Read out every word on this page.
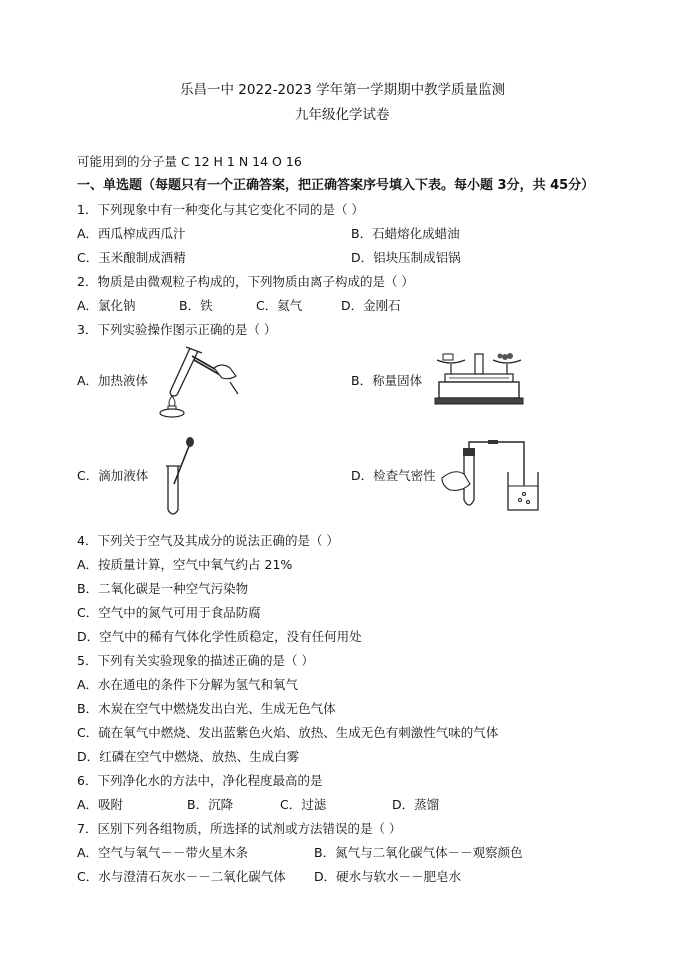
乐昌一中 2022-2023 学年第一学期期中教学质量监测
九年级化学试卷
可能用到的分子量 C 12 H 1 N 14 O 16
一、单选题（每题只有一个正确答案，把正确答案序号填入下表。每小题 3分，共 45分）
1．下列现象中有一种变化与其它变化不同的是（ ）
A．西瓜榨成西瓜汁	B．石蜡熔化成蜡油
C．玉米酿制成酒精	D．铝块压制成铝锅
2．物质是由微观粒子构成的，下列物质由离子构成的是（ ）
A．氯化钠	B．铁	C．氦气	D．金刚石
3．下列实验操作图示正确的是（ ）
A．加热液体	B．称量固体
C．滴加液体	D．检查气密性
4．下列关于空气及其成分的说法正确的是（ ）
A．按质量计算，空气中氧气约占 21%
B．二氧化碳是一种空气污染物
C．空气中的氮气可用于食品防腐
D．空气中的稀有气体化学性质稳定，没有任何用处
5．下列有关实验现象的描述正确的是（ ）
A．水在通电的条件下分解为氢气和氧气
B．木炭在空气中燃烧发出白光、生成无色气体
C．硫在氧气中燃烧、发出蓝紫色火焰、放热、生成无色有刺激性气味的气体
D．红磷在空气中燃烧、放热、生成白雾
6．下列净化水的方法中，净化程度最高的是
A．吸附	B．沉降	C．过滤	D．蒸馏
7．区别下列各组物质，所选择的试剂或方法错误的是（ ）
A．空气与氧气－－带火星木条	B．氮气与二氧化碳气体－－观察颜色
C．水与澄清石灰水－－二氧化碳气体 D．硬水与软水－－肥皂水
